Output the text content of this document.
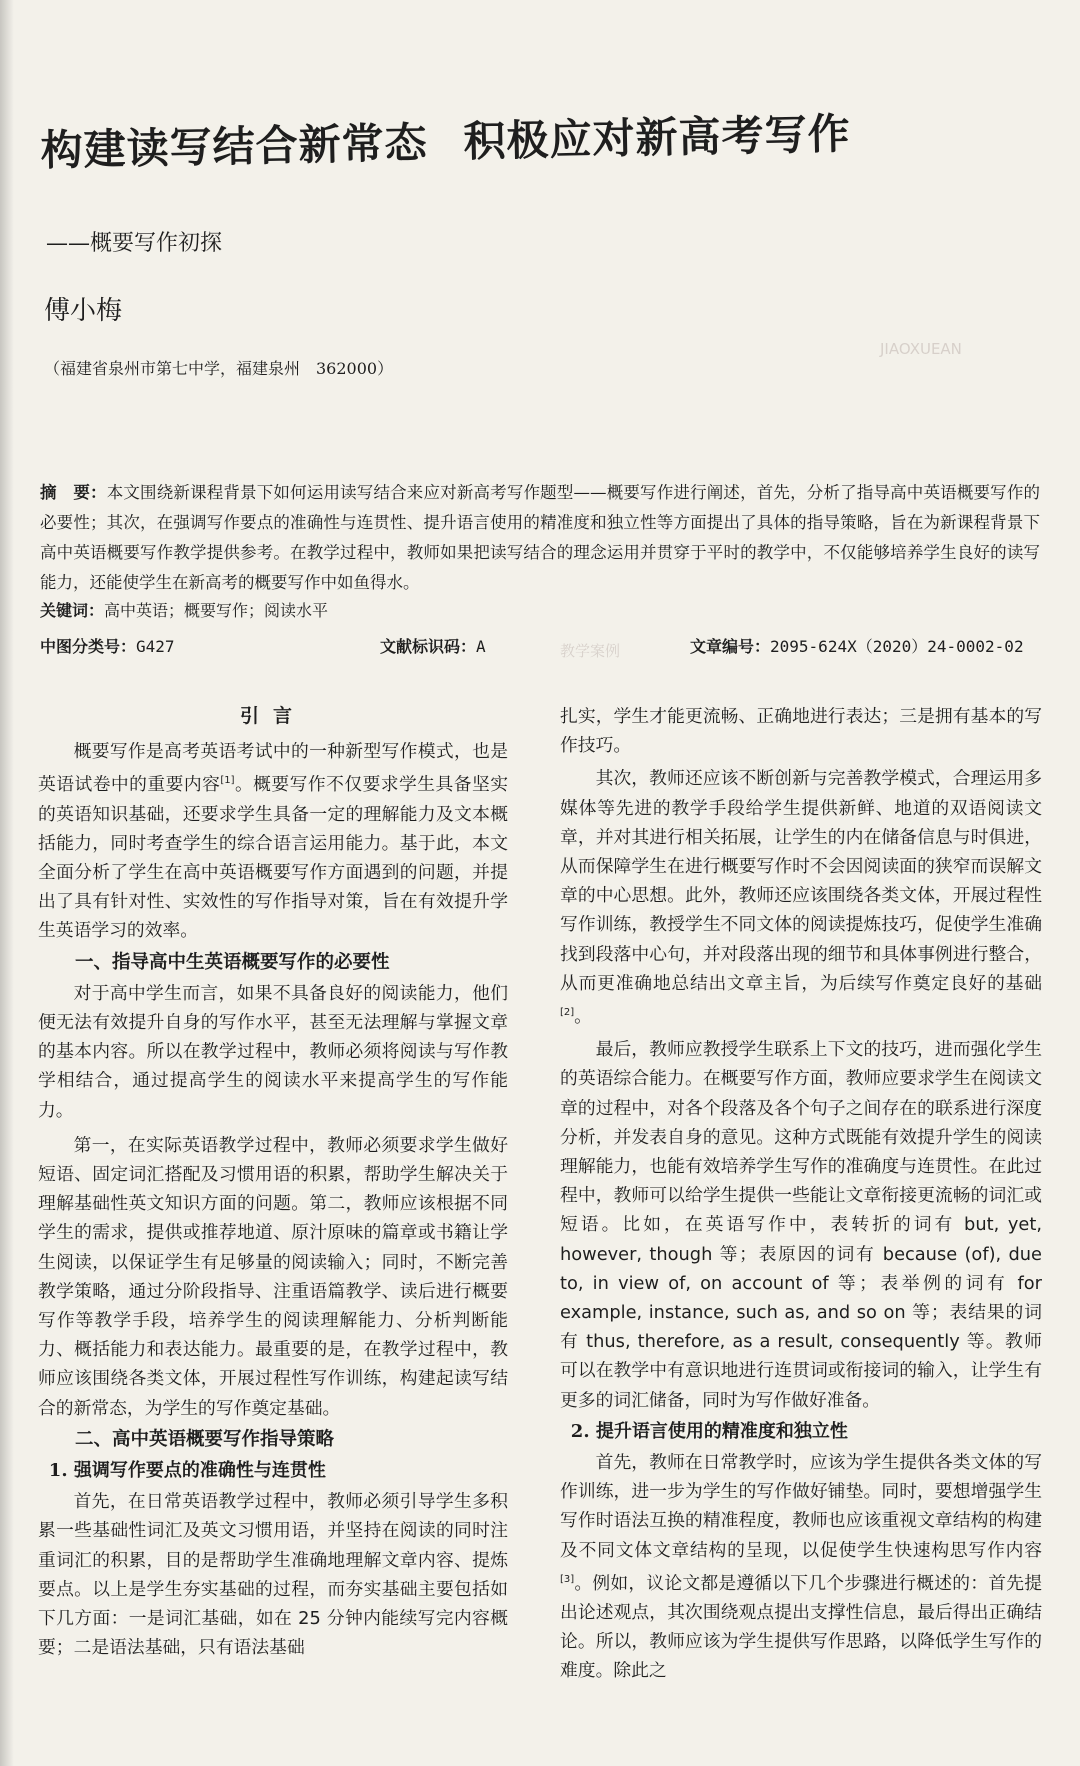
JIAOXUEAN
教学案例
构建读写结合新常态 积极应对新高考写作
——概要写作初探
傅小梅
（福建省泉州市第七中学，福建泉州　362000）
摘　要：本文围绕新课程背景下如何运用读写结合来应对新高考写作题型——概要写作进行阐述，首先，分析了指导高中英语概要写作的必要性；其次，在强调写作要点的准确性与连贯性、提升语言使用的精准度和独立性等方面提出了具体的指导策略，旨在为新课程背景下高中英语概要写作教学提供参考。在教学过程中，教师如果把读写结合的理念运用并贯穿于平时的教学中，不仅能够培养学生良好的读写能力，还能使学生在新高考的概要写作中如鱼得水。
关键词：高中英语；概要写作；阅读水平
中图分类号：G427	文献标识码：A	文章编号：2095-624X（2020）24-0002-02
引言

概要写作是高考英语考试中的一种新型写作模式，也是英语试卷中的重要内容[1]。概要写作不仅要求学生具备坚实的英语知识基础，还要求学生具备一定的理解能力及文本概括能力，同时考查学生的综合语言运用能力。基于此，本文全面分析了学生在高中英语概要写作方面遇到的问题，并提出了具有针对性、实效性的写作指导对策，旨在有效提升学生英语学习的效率。

一、指导高中生英语概要写作的必要性

对于高中学生而言，如果不具备良好的阅读能力，他们便无法有效提升自身的写作水平，甚至无法理解与掌握文章的基本内容。所以在教学过程中，教师必须将阅读与写作教学相结合，通过提高学生的阅读水平来提高学生的写作能力。

第一，在实际英语教学过程中，教师必须要求学生做好短语、固定词汇搭配及习惯用语的积累，帮助学生解决关于理解基础性英文知识方面的问题。第二，教师应该根据不同学生的需求，提供或推荐地道、原汁原味的篇章或书籍让学生阅读，以保证学生有足够量的阅读输入；同时，不断完善教学策略，通过分阶段指导、注重语篇教学、读后进行概要写作等教学手段，培养学生的阅读理解能力、分析判断能力、概括能力和表达能力。最重要的是，在教学过程中，教师应该围绕各类文体，开展过程性写作训练，构建起读写结合的新常态，为学生的写作奠定基础。

二、高中英语概要写作指导策略
1. 强调写作要点的准确性与连贯性

首先，在日常英语教学过程中，教师必须引导学生多积累一些基础性词汇及英文习惯用语，并坚持在阅读的同时注重词汇的积累，目的是帮助学生准确地理解文章内容、提炼要点。以上是学生夯实基础的过程，而夯实基础主要包括如下几方面：一是词汇基础，如在 25 分钟内能续写完内容概要；二是语法基础，只有语法基础

扎实，学生才能更流畅、正确地进行表达；三是拥有基本的写作技巧。

其次，教师还应该不断创新与完善教学模式，合理运用多媒体等先进的教学手段给学生提供新鲜、地道的双语阅读文章，并对其进行相关拓展，让学生的内在储备信息与时俱进，从而保障学生在进行概要写作时不会因阅读面的狭窄而误解文章的中心思想。此外，教师还应该围绕各类文体，开展过程性写作训练，教授学生不同文体的阅读提炼技巧，促使学生准确找到段落中心句，并对段落出现的细节和具体事例进行整合，从而更准确地总结出文章主旨，为后续写作奠定良好的基础[2]。

最后，教师应教授学生联系上下文的技巧，进而强化学生的英语综合能力。在概要写作方面，教师应要求学生在阅读文章的过程中，对各个段落及各个句子之间存在的联系进行深度分析，并发表自身的意见。这种方式既能有效提升学生的阅读理解能力，也能有效培养学生写作的准确度与连贯性。在此过程中，教师可以给学生提供一些能让文章衔接更流畅的词汇或短语。比如，在英语写作中，表转折的词有 but, yet, however, though 等；表原因的词有 because (of), due to, in view of, on account of 等；表举例的词有 for example, instance, such as, and so on 等；表结果的词有 thus, therefore, as a result, consequently 等。教师可以在教学中有意识地进行连贯词或衔接词的输入，让学生有更多的词汇储备，同时为写作做好准备。

2. 提升语言使用的精准度和独立性

首先，教师在日常教学时，应该为学生提供各类文体的写作训练，进一步为学生的写作做好铺垫。同时，要想增强学生写作时语法互换的精准程度，教师也应该重视文章结构的构建及不同文体文章结构的呈现，以促使学生快速构思写作内容[3]。例如，议论文都是遵循以下几个步骤进行概述的：首先提出论述观点，其次围绕观点提出支撑性信息，最后得出正确结论。所以，教师应该为学生提供写作思路，以降低学生写作的难度。除此之
